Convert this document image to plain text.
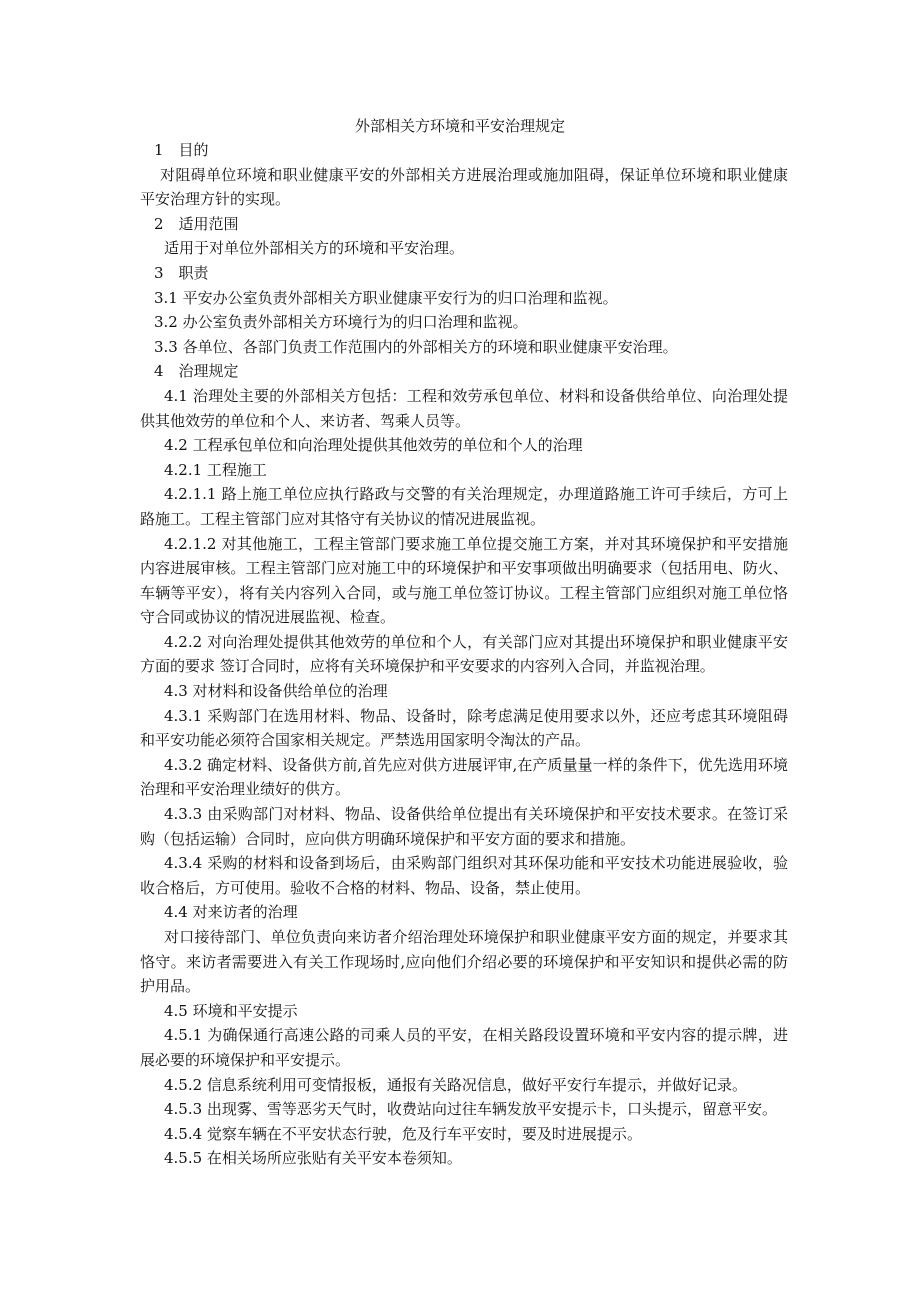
外部相关方环境和平安治理规定

1　目的

对阻碍单位环境和职业健康平安的外部相关方进展治理或施加阻碍，保证单位环境和职业健康平安治理方针的实现。

2　适用范围

适用于对单位外部相关方的环境和平安治理。

3　职责

3.1 平安办公室负责外部相关方职业健康平安行为的归口治理和监视。

3.2 办公室负责外部相关方环境行为的归口治理和监视。

3.3 各单位、各部门负责工作范围内的外部相关方的环境和职业健康平安治理。

4　治理规定

4.1 治理处主要的外部相关方包括：工程和效劳承包单位、材料和设备供给单位、向治理处提供其他效劳的单位和个人、来访者、驾乘人员等。

4.2 工程承包单位和向治理处提供其他效劳的单位和个人的治理

4.2.1 工程施工

4.2.1.1 路上施工单位应执行路政与交警的有关治理规定，办理道路施工许可手续后，方可上路施工。工程主管部门应对其恪守有关协议的情况进展监视。

4.2.1.2 对其他施工，工程主管部门要求施工单位提交施工方案，并对其环境保护和平安措施内容进展审核。工程主管部门应对施工中的环境保护和平安事项做出明确要求（包括用电、防火、车辆等平安），将有关内容列入合同，或与施工单位签订协议。工程主管部门应组织对施工单位恪守合同或协议的情况进展监视、检查。

4.2.2 对向治理处提供其他效劳的单位和个人，有关部门应对其提出环境保护和职业健康平安方面的要求 签订合同时，应将有关环境保护和平安要求的内容列入合同，并监视治理。

4.3 对材料和设备供给单位的治理

4.3.1 采购部门在选用材料、物品、设备时，除考虑满足使用要求以外，还应考虑其环境阻碍和平安功能必须符合国家相关规定。严禁选用国家明令淘汰的产品。

4.3.2 确定材料、设备供方前,首先应对供方进展评审,在产质量量一样的条件下，优先选用环境治理和平安治理业绩好的供方。

4.3.3 由采购部门对材料、物品、设备供给单位提出有关环境保护和平安技术要求。在签订采购（包括运输）合同时，应向供方明确环境保护和平安方面的要求和措施。

4.3.4 采购的材料和设备到场后，由采购部门组织对其环保功能和平安技术功能进展验收，验收合格后，方可使用。验收不合格的材料、物品、设备，禁止使用。

4.4 对来访者的治理

对口接待部门、单位负责向来访者介绍治理处环境保护和职业健康平安方面的规定，并要求其恪守。来访者需要进入有关工作现场时,应向他们介绍必要的环境保护和平安知识和提供必需的防护用品。

4.5 环境和平安提示

4.5.1 为确保通行高速公路的司乘人员的平安，在相关路段设置环境和平安内容的提示牌，进展必要的环境保护和平安提示。

4.5.2 信息系统利用可变情报板，通报有关路况信息，做好平安行车提示，并做好记录。

4.5.3 出现雾、雪等恶劣天气时，收费站向过往车辆发放平安提示卡，口头提示，留意平安。

4.5.4 觉察车辆在不平安状态行驶，危及行车平安时，要及时进展提示。

4.5.5 在相关场所应张贴有关平安本卷须知。
